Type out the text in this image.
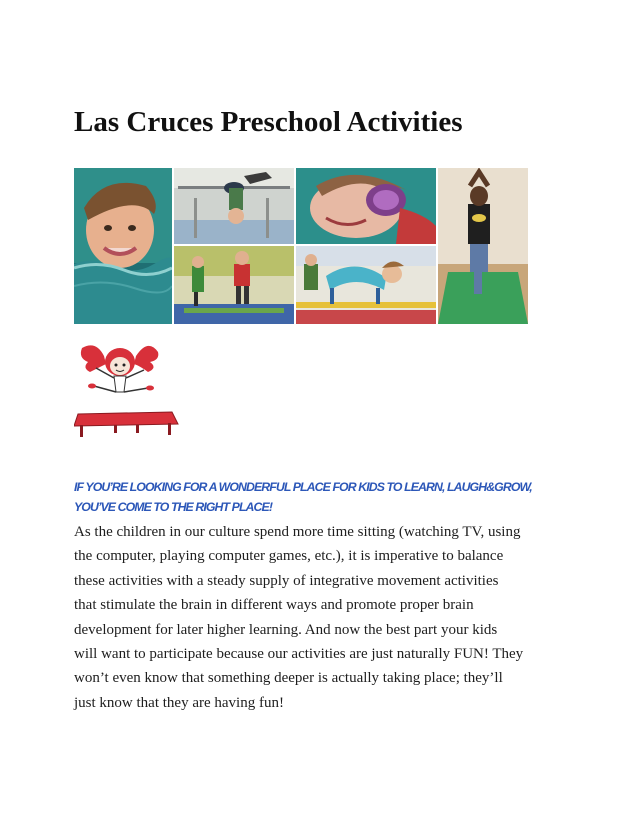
Las Cruces Preschool Activities

IF YOU’RE LOOKING FOR A WONDERFUL PLACE FOR KIDS TO LEARN, LAUGH&GROW,
YOU’VE COME TO THE RIGHT PLACE!

As the children in our culture spend more time sitting (watching TV, using
the computer, playing computer games, etc.), it is imperative to balance
these activities with a steady supply of integrative movement activities
that stimulate the brain in different ways and promote proper brain
development for later higher learning. And now the best part your kids
will want to participate because our activities are just naturally FUN! They
won’t even know that something deeper is actually taking place; they’ll
just know that they are having fun!
